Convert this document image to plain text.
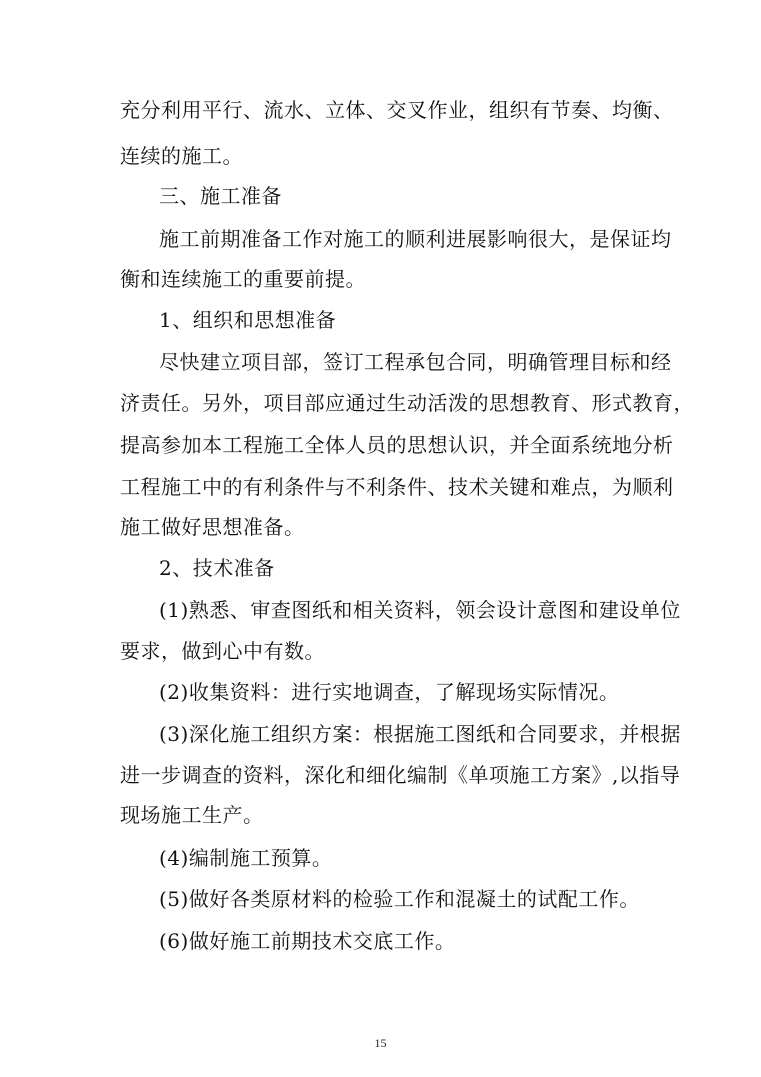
充分利用平行、流水、立体、交叉作业，组织有节奏、均衡、
连续的施工。
三、施工准备
施工前期准备工作对施工的顺利进展影响很大，是保证均
衡和连续施工的重要前提。
1、组织和思想准备
尽快建立项目部，签订工程承包合同，明确管理目标和经
济责任。另外，项目部应通过生动活泼的思想教育、形式教育，
提高参加本工程施工全体人员的思想认识，并全面系统地分析
工程施工中的有利条件与不利条件、技术关键和难点，为顺利
施工做好思想准备。
2、技术准备
(1)熟悉、审查图纸和相关资料，领会设计意图和建设单位
要求，做到心中有数。
(2)收集资料：进行实地调查，了解现场实际情况。
(3)深化施工组织方案：根据施工图纸和合同要求，并根据
进一步调查的资料，深化和细化编制《单项施工方案》,以指导
现场施工生产。
(4)编制施工预算。
(5)做好各类原材料的检验工作和混凝土的试配工作。
(6)做好施工前期技术交底工作。
15
